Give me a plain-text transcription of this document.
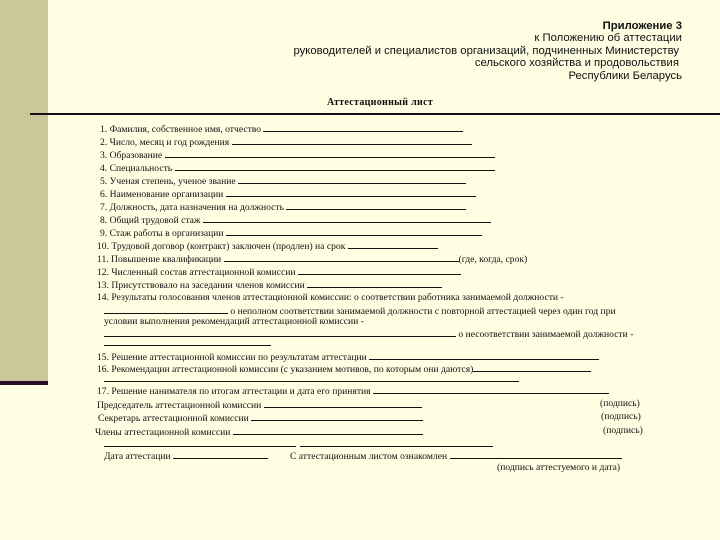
Приложение 3
к Положению об аттестации
руководителей и специалистов организаций, подчиненных Министерству
сельского хозяйства и продовольствия
Республики Беларусь
Аттестационный лист
1. Фамилия, собственное имя, отчество
2. Число, месяц и год рождения
3. Образование
4. Специальность
5. Ученая степень, ученое звание
6. Наименование организации
7. Должность, дата назначения на должность
8. Общий трудовой стаж
9. Стаж работы в организации
10. Трудовой договор (контракт) заключен (продлен) на срок
11. Повышение квалификации	(где, когда, срок)
12. Численный состав аттестационной комиссии
13. Присутствовало на заседании членов комиссии
14. Результаты голосования членов аттестационной комиссии: о соответствии работника занимаемой должности -
о неполном соответствии занимаемой должности с повторной аттестацией через один год при
условии выполнения рекомендаций аттестационной комиссии -
о несоответствии занимаемой должности -
15. Решение аттестационной комиссии по результатам аттестации
16. Рекомендации аттестационной комиссии (с указанием мотивов, по которым они даются)
17. Решение нанимателя по итогам аттестации и дата его принятия
Председатель аттестационной комиссии	(подпись)
Секретарь аттестационной комиссии	(подпись)
Члены аттестационной комиссии	(подпись)
Дата аттестации	С аттестационным листом ознакомлен
(подпись аттестуемого и дата)
